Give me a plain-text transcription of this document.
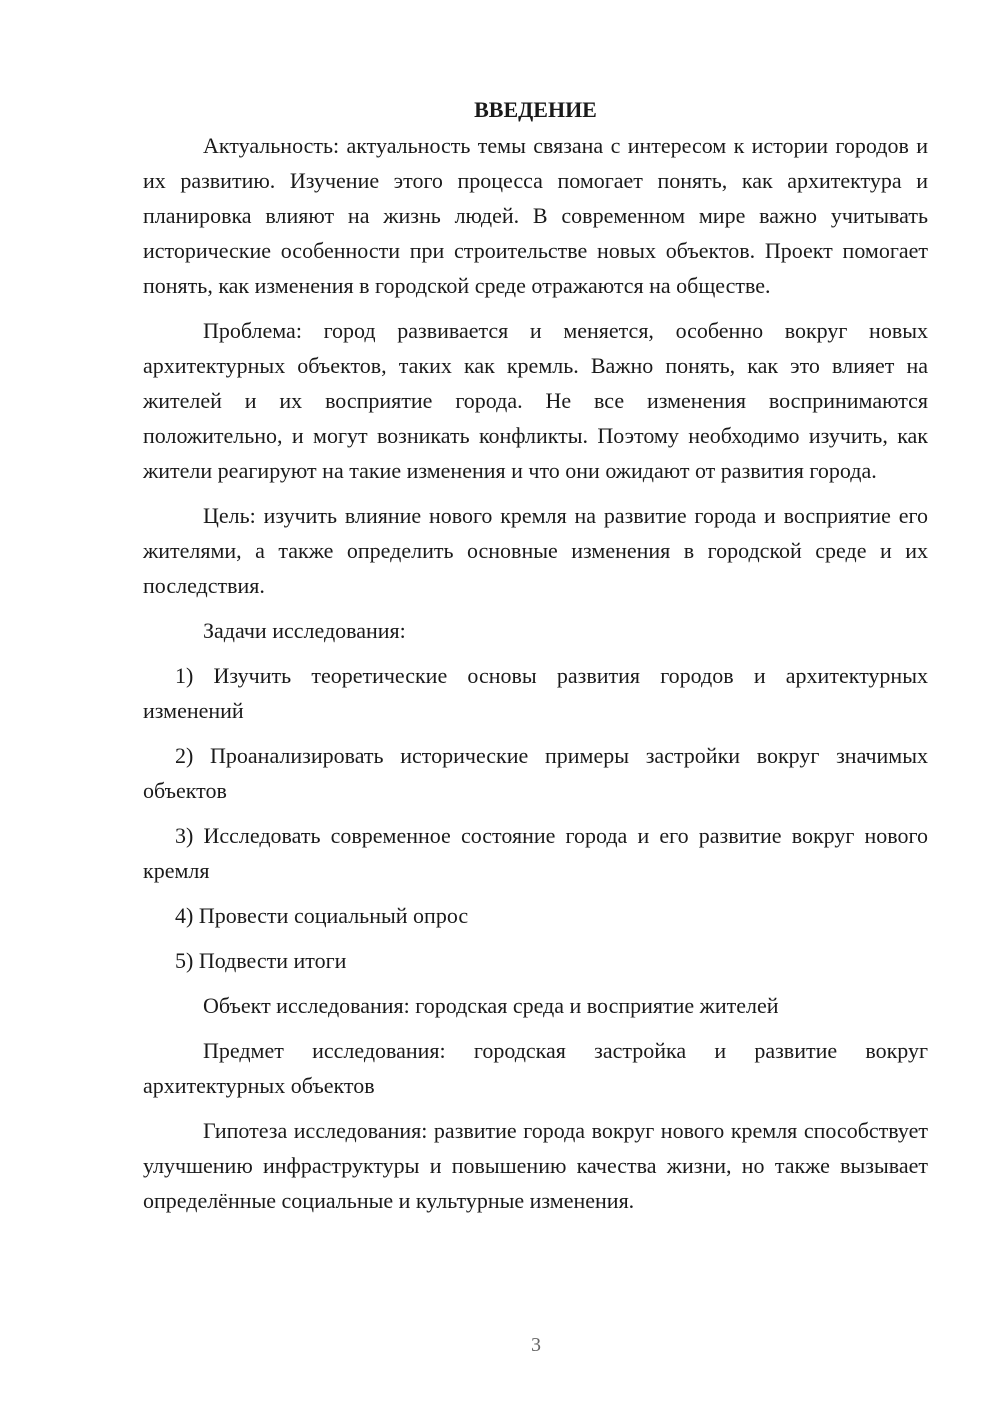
ВВЕДЕНИЕ

Актуальность: актуальность темы связана с интересом к истории городов и их развитию. Изучение этого процесса помогает понять, как архитектура и планировка влияют на жизнь людей. В современном мире важно учитывать исторические особенности при строительстве новых объектов. Проект помогает понять, как изменения в городской среде отражаются на обществе.

Проблема: город развивается и меняется, особенно вокруг новых архитектурных объектов, таких как кремль. Важно понять, как это влияет на жителей и их восприятие города. Не все изменения воспринимаются положительно, и могут возникать конфликты. Поэтому необходимо изучить, как жители реагируют на такие изменения и что они ожидают от развития города.

Цель: изучить влияние нового кремля на развитие города и восприятие его жителями, а также определить основные изменения в городской среде и их последствия.

Задачи исследования:

1) Изучить теоретические основы развития городов и архитектурных изменений

2) Проанализировать исторические примеры застройки вокруг значимых объектов

3) Исследовать современное состояние города и его развитие вокруг нового кремля

4) Провести социальный опрос

5) Подвести итоги

Объект исследования: городская среда и восприятие жителей

Предмет исследования: городская застройка и развитие вокруг архитектурных объектов

Гипотеза исследования: развитие города вокруг нового кремля способствует улучшению инфраструктуры и повышению качества жизни, но также вызывает определённые социальные и культурные изменения.

3
